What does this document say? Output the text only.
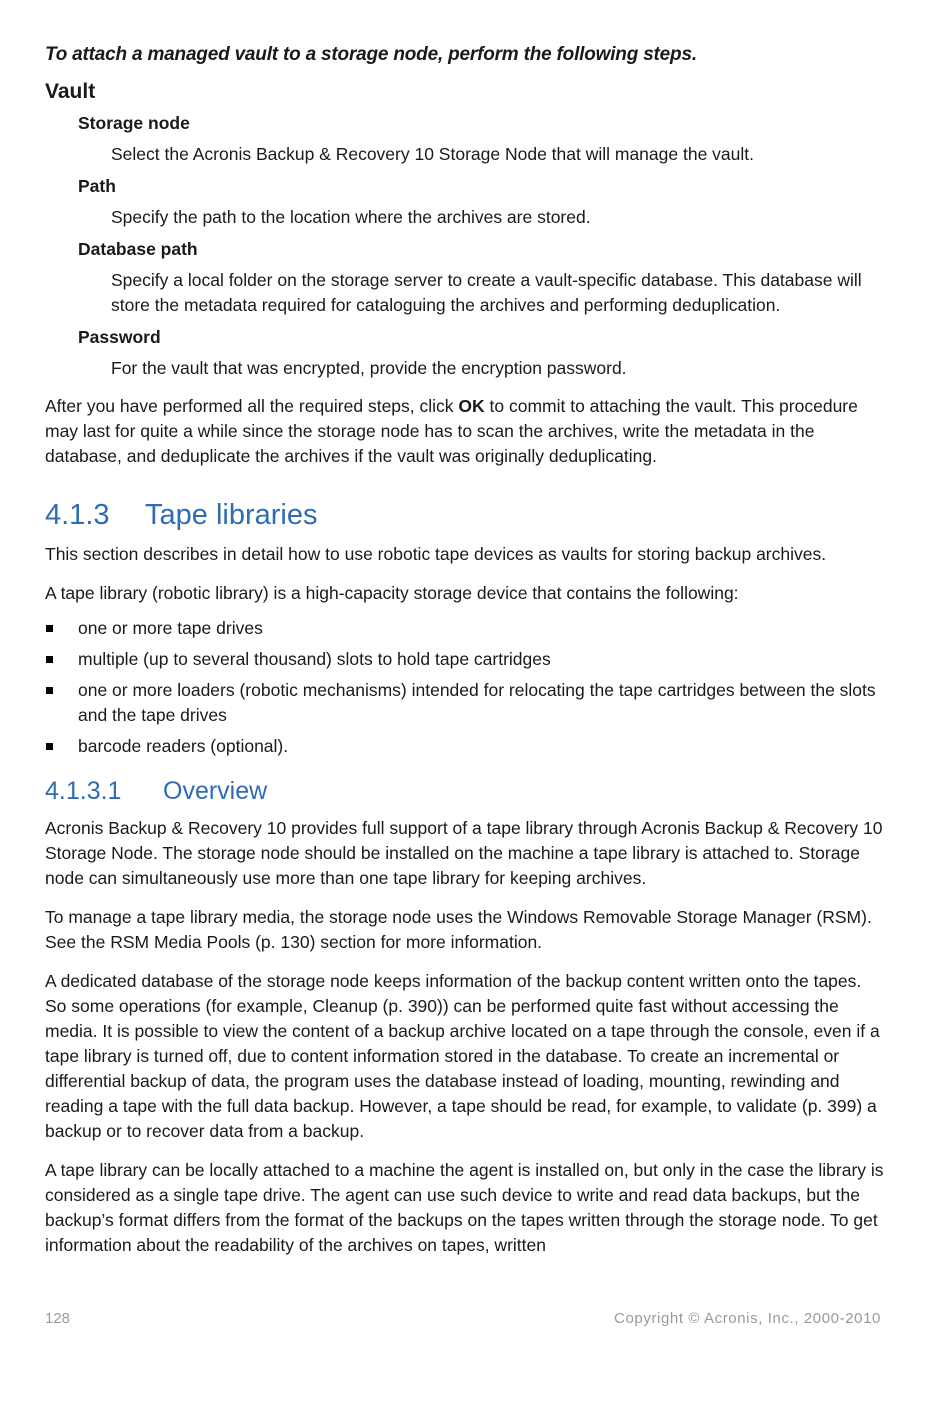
To attach a managed vault to a storage node, perform the following steps.
Vault
Storage node
Select the Acronis Backup & Recovery 10 Storage Node that will manage the vault.
Path
Specify the path to the location where the archives are stored.
Database path
Specify a local folder on the storage server to create a vault-specific database. This database will store the metadata required for cataloguing the archives and performing deduplication.
Password
For the vault that was encrypted, provide the encryption password.

After you have performed all the required steps, click OK to commit to attaching the vault. This procedure may last for quite a while since the storage node has to scan the archives, write the metadata in the database, and deduplicate the archives if the vault was originally deduplicating.

4.1.3 Tape libraries

This section describes in detail how to use robotic tape devices as vaults for storing backup archives.

A tape library (robotic library) is a high-capacity storage device that contains the following:

one or more tape drives
multiple (up to several thousand) slots to hold tape cartridges
one or more loaders (robotic mechanisms) intended for relocating the tape cartridges between the slots and the tape drives
barcode readers (optional).
4.1.3.1 Overview

Acronis Backup & Recovery 10 provides full support of a tape library through Acronis Backup & Recovery 10 Storage Node. The storage node should be installed on the machine a tape library is attached to. Storage node can simultaneously use more than one tape library for keeping archives.

To manage a tape library media, the storage node uses the Windows Removable Storage Manager (RSM). See the RSM Media Pools (p. 130) section for more information.

A dedicated database of the storage node keeps information of the backup content written onto the tapes. So some operations (for example, Cleanup (p. 390)) can be performed quite fast without accessing the media. It is possible to view the content of a backup archive located on a tape through the console, even if a tape library is turned off, due to content information stored in the database. To create an incremental or differential backup of data, the program uses the database instead of loading, mounting, rewinding and reading a tape with the full data backup. However, a tape should be read, for example, to validate (p. 399) a backup or to recover data from a backup.

A tape library can be locally attached to a machine the agent is installed on, but only in the case the library is considered as a single tape drive. The agent can use such device to write and read data backups, but the backup’s format differs from the format of the backups on the tapes written through the storage node. To get information about the readability of the archives on tapes, written

128	Copyright © Acronis, Inc., 2000-2010
